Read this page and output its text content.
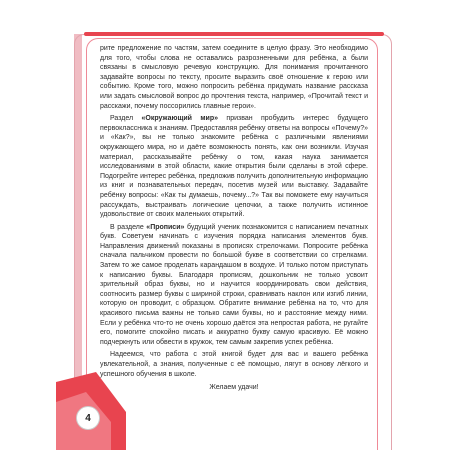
рите предложение по частям, затем соедините в целую фразу. Это необходимо для того, чтобы слова не оставались разрозненными для ребёнка, а были связаны в смысловую речевую конструкцию. Для понимания прочитанного задавайте вопросы по тексту, просите выразить своё отношение к герою или событию. Кроме того, можно попросить ребёнка придумать название рассказа или задать смысловой вопрос до прочтения текста, например, «Прочитай текст и расскажи, почему поссорились главные герои».

Раздел «Окружающий мир» призван пробудить интерес будущего первоклассника к знаниям. Предоставляя ребёнку ответы на вопросы «Почему?» и «Как?», вы не только знакомите ребёнка с различными явлениями окружающего мира, но и даёте возможность понять, как они возникли. Изучая материал, рассказывайте ребёнку о том, какая наука занимается исследованиями в этой области, какие открытия были сделаны в этой сфере. Подогрейте интерес ребёнка, предложив получить дополнительную информацию из книг и познавательных передач, посетив музей или выставку. Задавайте ребёнку вопросы: «Как ты думаешь, почему...?» Так вы поможете ему научиться рассуждать, выстраивать логические цепочки, а также получить истинное удовольствие от своих маленьких открытий.

В разделе «Прописи» будущий ученик познакомится с написанием печатных букв. Советуем начинать с изучения порядка написания элементов букв. Направления движений показаны в прописях стрелочками. Попросите ребёнка сначала пальчиком провести по большой букве в соответствии со стрелками. Затем то же самое проделать карандашом в воздухе. И только потом приступать к написанию буквы. Благодаря прописям, дошкольник не только усвоит зрительный образ буквы, но и научится координировать свои действия, соотносить размер буквы с шириной строки, сравнивать наклон или изгиб линии, которую он проводит, с образцом. Обратите внимание ребёнка на то, что для красивого письма важны не только сами буквы, но и расстояние между ними. Если у ребёнка что-то не очень хорошо даётся эта непростая работа, не ругайте его, помогите спокойно писать и аккуратно букву самую красивую. Её можно подчеркнуть или обвести в кружок, тем самым закрепив успех ребёнка.

Надеемся, что работа с этой книгой будет для вас и вашего ребёнка увлекательной, а знания, полученные с её помощью, лягут в основу лёгкого и успешного обучения в школе.

Желаем удачи!

4
